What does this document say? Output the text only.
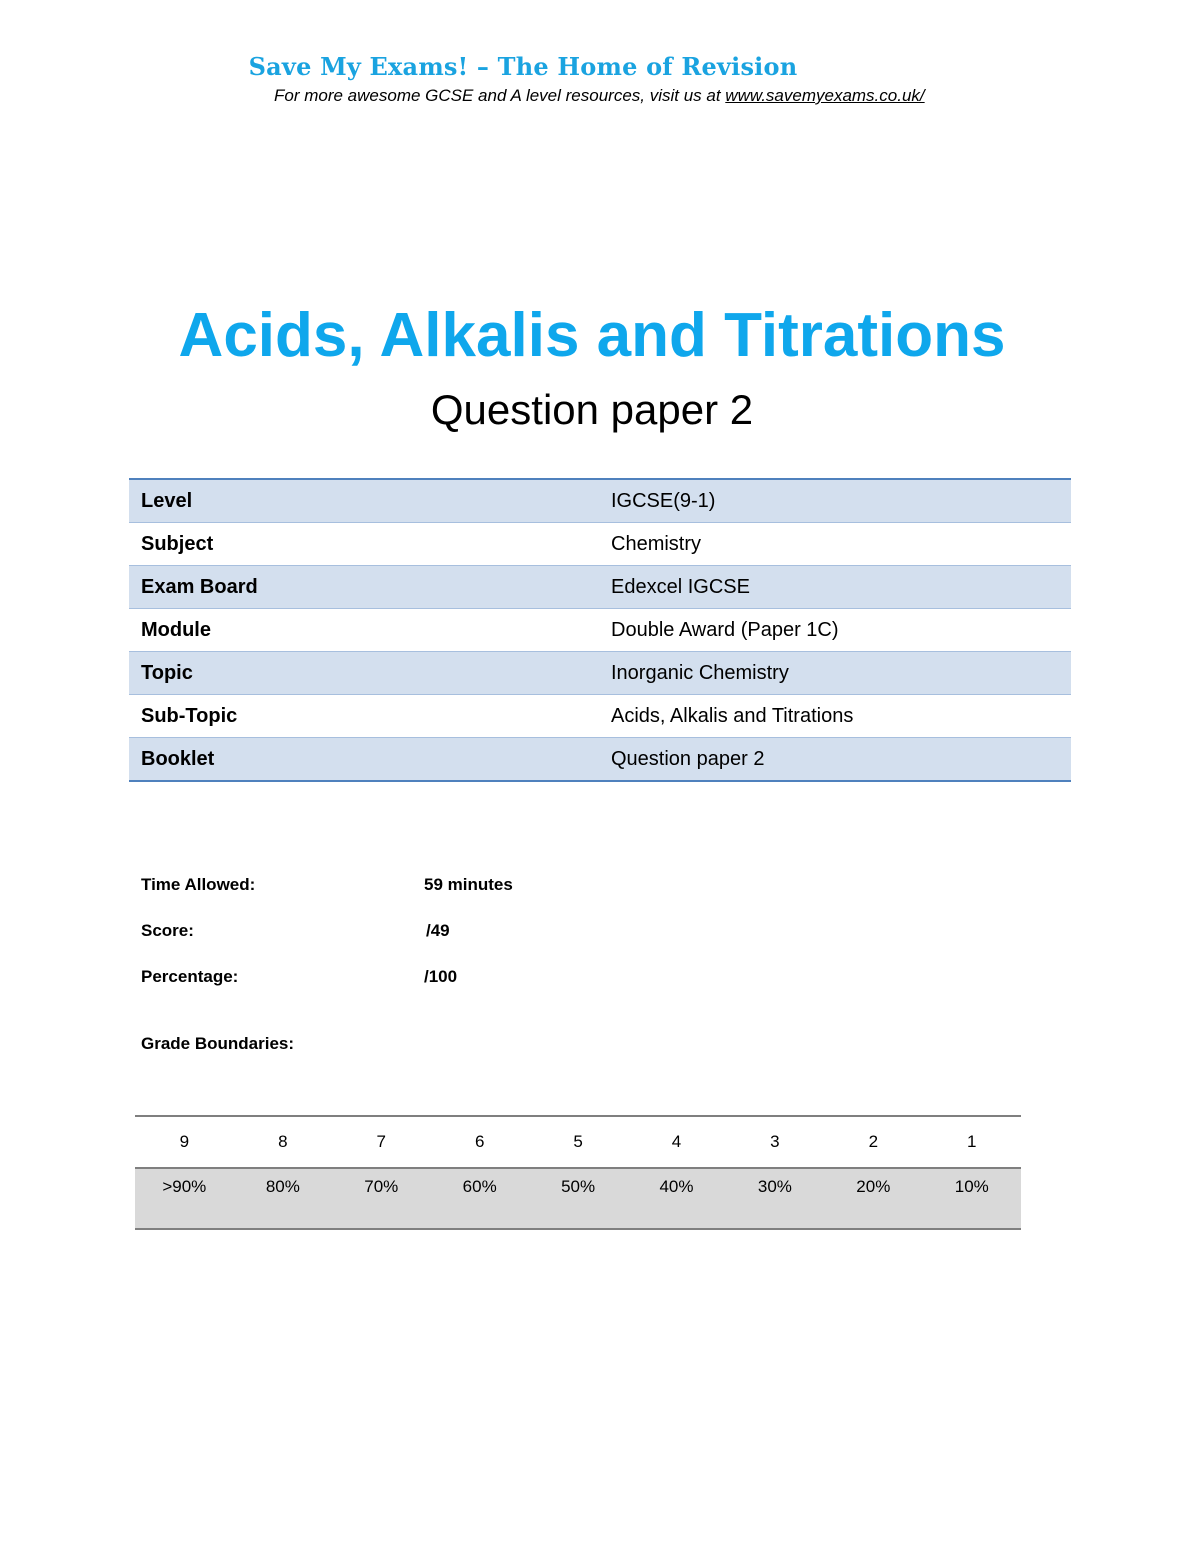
Save My Exams! – The Home of Revision
For more awesome GCSE and A level resources, visit us at www.savemyexams.co.uk/
Acids, Alkalis and Titrations
Question paper 2
Level	IGCSE(9-1)
Subject	Chemistry
Exam Board	Edexcel IGCSE
Module	Double Award (Paper 1C)
Topic	Inorganic Chemistry
Sub-Topic	Acids, Alkalis and Titrations
Booklet	Question paper 2
Time Allowed:	59 minutes
Score:	/49
Percentage:	/100
Grade Boundaries:
9	8	7	6	5	4	3	2	1
>90%	80%	70%	60%	50%	40%	30%	20%	10%
